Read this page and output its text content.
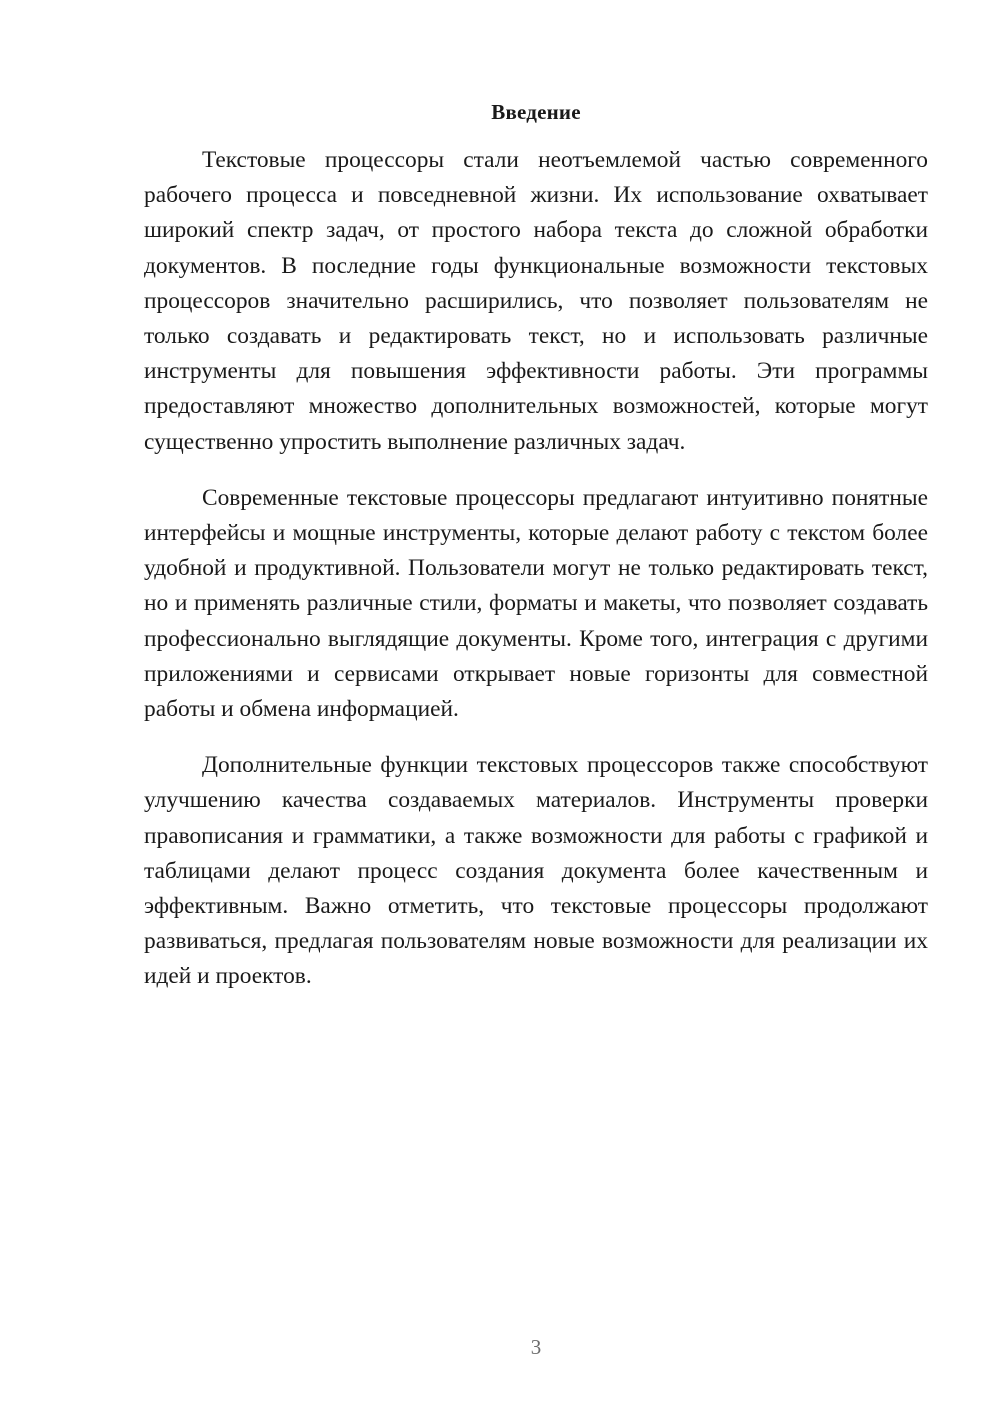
Введение

Текстовые процессоры стали неотъемлемой частью современного рабочего процесса и повседневной жизни. Их использование охватывает широкий спектр задач, от простого набора текста до сложной обработки документов. В последние годы функциональные возможности текстовых процессоров значительно расширились, что позволяет пользователям не только создавать и редактировать текст, но и использовать различные инструменты для повышения эффективности работы. Эти программы предоставляют множество дополнительных возможностей, которые могут существенно упростить выполнение различных задач.

Современные текстовые процессоры предлагают интуитивно понятные интерфейсы и мощные инструменты, которые делают работу с текстом более удобной и продуктивной. Пользователи могут не только редактировать текст, но и применять различные стили, форматы и макеты, что позволяет создавать профессионально выглядящие документы. Кроме того, интеграция с другими приложениями и сервисами открывает новые горизонты для совместной работы и обмена информацией.

Дополнительные функции текстовых процессоров также способствуют улучшению качества создаваемых материалов. Инструменты проверки правописания и грамматики, а также возможности для работы с графикой и таблицами делают процесс создания документа более качественным и эффективным. Важно отметить, что текстовые процессоры продолжают развиваться, предлагая пользователям новые возможности для реализации их идей и проектов.

3
